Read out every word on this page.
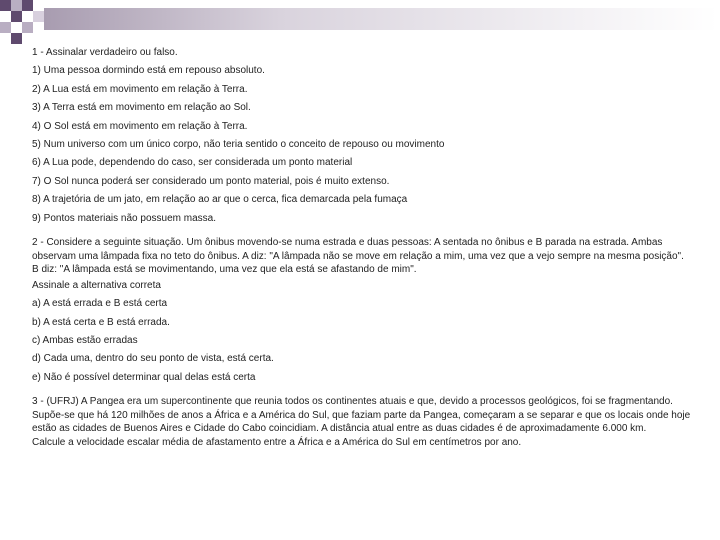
1 - Assinalar verdadeiro ou falso.

1) Uma pessoa dormindo está em repouso absoluto.

2) A Lua está em movimento em relação à Terra.

3) A Terra está em movimento em relação ao Sol.

4) O Sol está em movimento em relação à Terra.

5) Num universo com um único corpo, não teria sentido o conceito de repouso ou movimento

6) A Lua pode, dependendo do caso, ser considerada um ponto material

7) O Sol nunca poderá ser considerado um ponto material, pois é muito extenso.

8) A trajetória de um jato, em relação ao ar que o cerca, fica demarcada pela fumaça

9) Pontos materiais não possuem massa.

2 - Considere a seguinte situação. Um ônibus movendo-se numa estrada e duas pessoas: A sentada no ônibus e B parada na estrada. Ambas observam uma lâmpada fixa no teto do ônibus. A diz: "A lâmpada não se move em relação a mim, uma vez que a vejo sempre na mesma posição". B diz: "A lâmpada está se movimentando, uma vez que ela está se afastando de mim".

Assinale a alternativa correta

a) A está errada e B está certa

b) A está certa e B está errada.

c) Ambas estão erradas

d) Cada uma, dentro do seu ponto de vista, está certa.

e) Não é possível determinar qual delas está certa

3 - (UFRJ) A Pangea era um supercontinente que reunia todos os continentes atuais e que, devido a processos geológicos, foi se fragmentando. Supõe-se que há 120 milhões de anos a África e a América do Sul, que faziam parte da Pangea, começaram a se separar e que os locais onde hoje estão as cidades de Buenos Aires e Cidade do Cabo coincidiam. A distância atual entre as duas cidades é de aproximadamente 6.000 km.

Calcule a velocidade escalar média de afastamento entre a África e a América do Sul em centímetros por ano.
